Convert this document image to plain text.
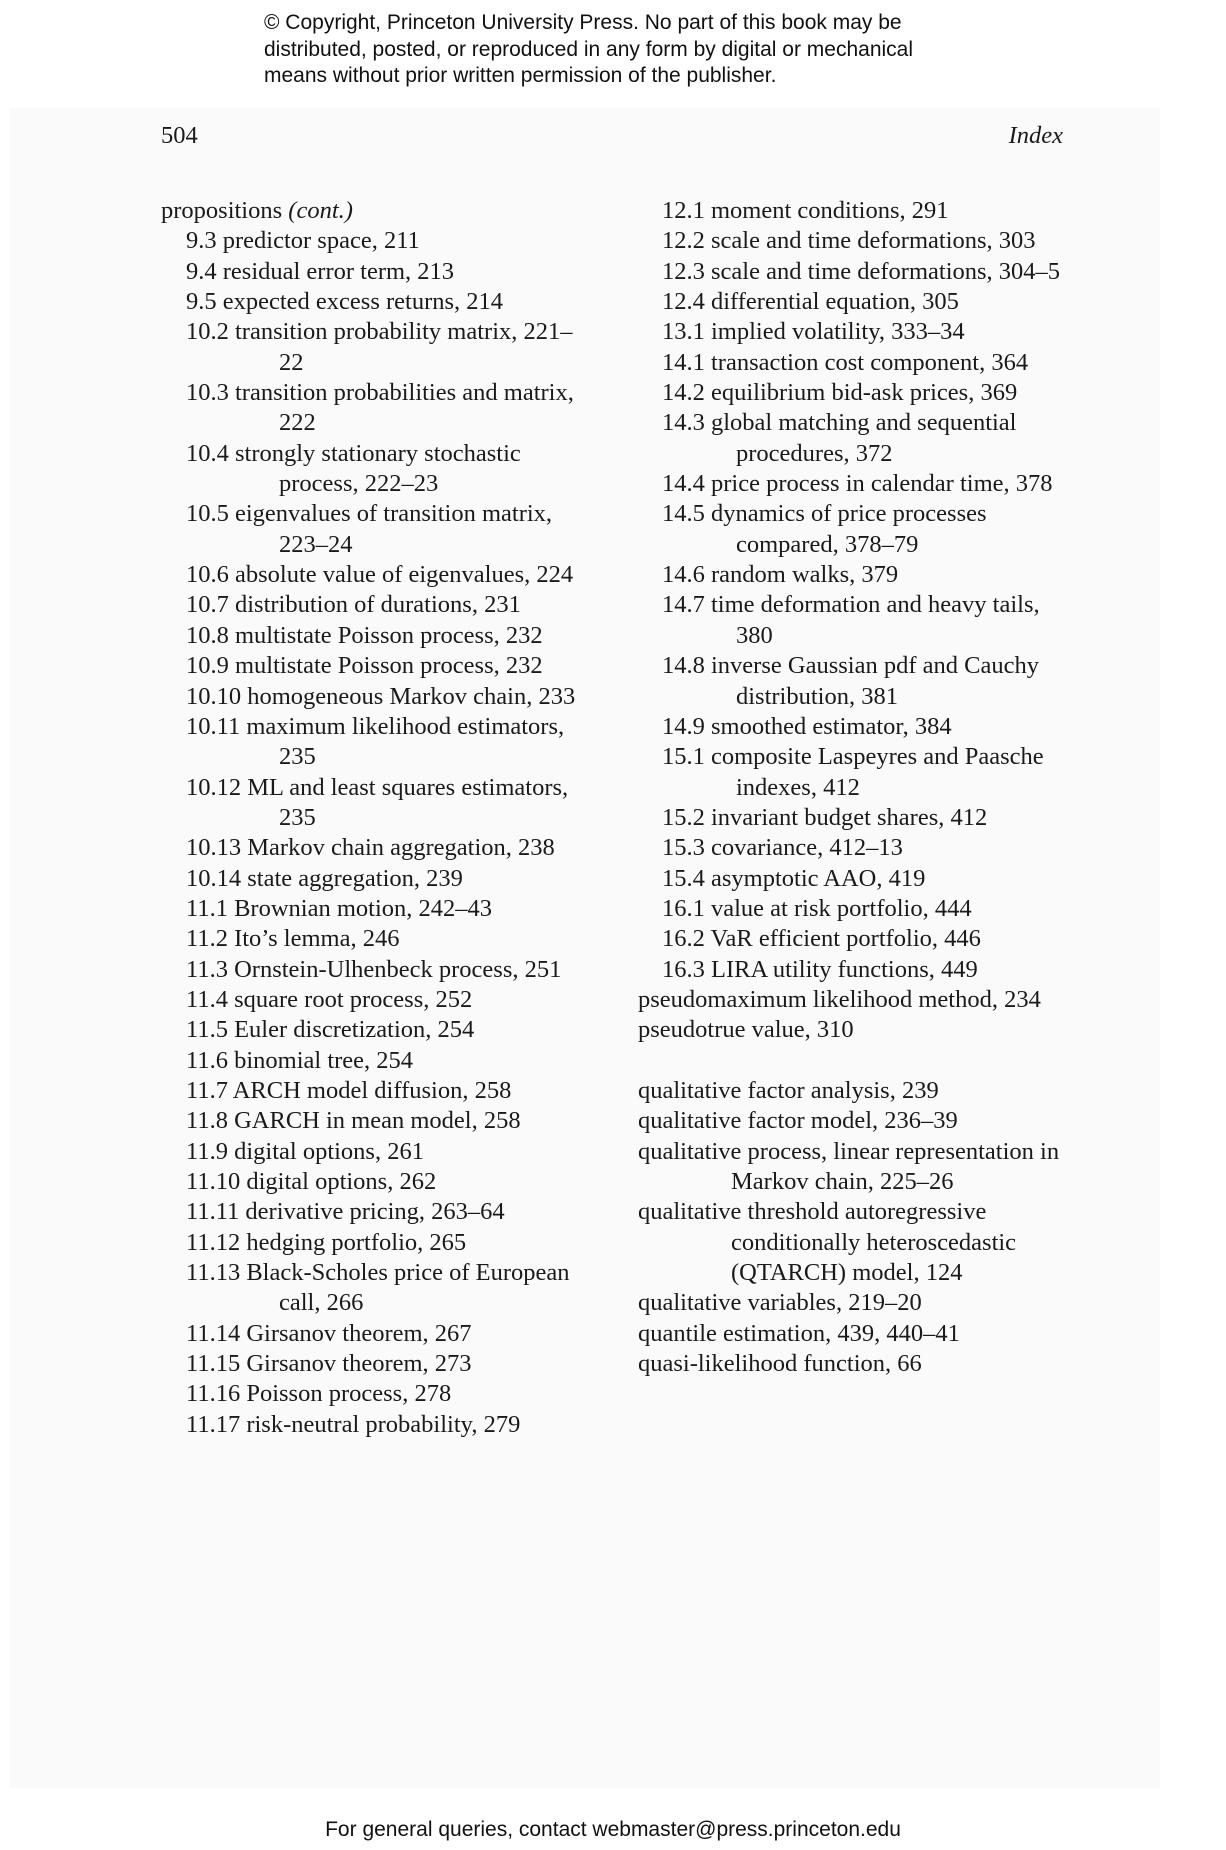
© Copyright, Princeton University Press. No part of this book may be
distributed, posted, or reproduced in any form by digital or mechanical
means without prior written permission of the publisher.
504	Index
propositions (cont.)
9.3 predictor space, 211
9.4 residual error term, 213
9.5 expected excess returns, 214
10.2 transition probability matrix, 221–22
10.3 transition probabilities and matrix, 222
10.4 strongly stationary stochastic process, 222–23
10.5 eigenvalues of transition matrix, 223–24
10.6 absolute value of eigenvalues, 224
10.7 distribution of durations, 231
10.8 multistate Poisson process, 232
10.9 multistate Poisson process, 232
10.10 homogeneous Markov chain, 233
10.11 maximum likelihood estimators, 235
10.12 ML and least squares estimators, 235
10.13 Markov chain aggregation, 238
10.14 state aggregation, 239
11.1 Brownian motion, 242–43
11.2 Ito’s lemma, 246
11.3 Ornstein-Ulhenbeck process, 251
11.4 square root process, 252
11.5 Euler discretization, 254
11.6 binomial tree, 254
11.7 ARCH model diffusion, 258
11.8 GARCH in mean model, 258
11.9 digital options, 261
11.10 digital options, 262
11.11 derivative pricing, 263–64
11.12 hedging portfolio, 265
11.13 Black-Scholes price of European call, 266
11.14 Girsanov theorem, 267
11.15 Girsanov theorem, 273
11.16 Poisson process, 278
11.17 risk-neutral probability, 279
12.1 moment conditions, 291
12.2 scale and time deformations, 303
12.3 scale and time deformations, 304–5
12.4 differential equation, 305
13.1 implied volatility, 333–34
14.1 transaction cost component, 364
14.2 equilibrium bid-ask prices, 369
14.3 global matching and sequential procedures, 372
14.4 price process in calendar time, 378
14.5 dynamics of price processes compared, 378–79
14.6 random walks, 379
14.7 time deformation and heavy tails, 380
14.8 inverse Gaussian pdf and Cauchy distribution, 381
14.9 smoothed estimator, 384
15.1 composite Laspeyres and Paasche indexes, 412
15.2 invariant budget shares, 412
15.3 covariance, 412–13
15.4 asymptotic AAO, 419
16.1 value at risk portfolio, 444
16.2 VaR efficient portfolio, 446
16.3 LIRA utility functions, 449
pseudomaximum likelihood method, 234
pseudotrue value, 310
qualitative factor analysis, 239
qualitative factor model, 236–39
qualitative process, linear representation in Markov chain, 225–26
qualitative threshold autoregressive conditionally heteroscedastic (QTARCH) model, 124
qualitative variables, 219–20
quantile estimation, 439, 440–41
quasi-likelihood function, 66
For general queries, contact webmaster@press.princeton.edu
